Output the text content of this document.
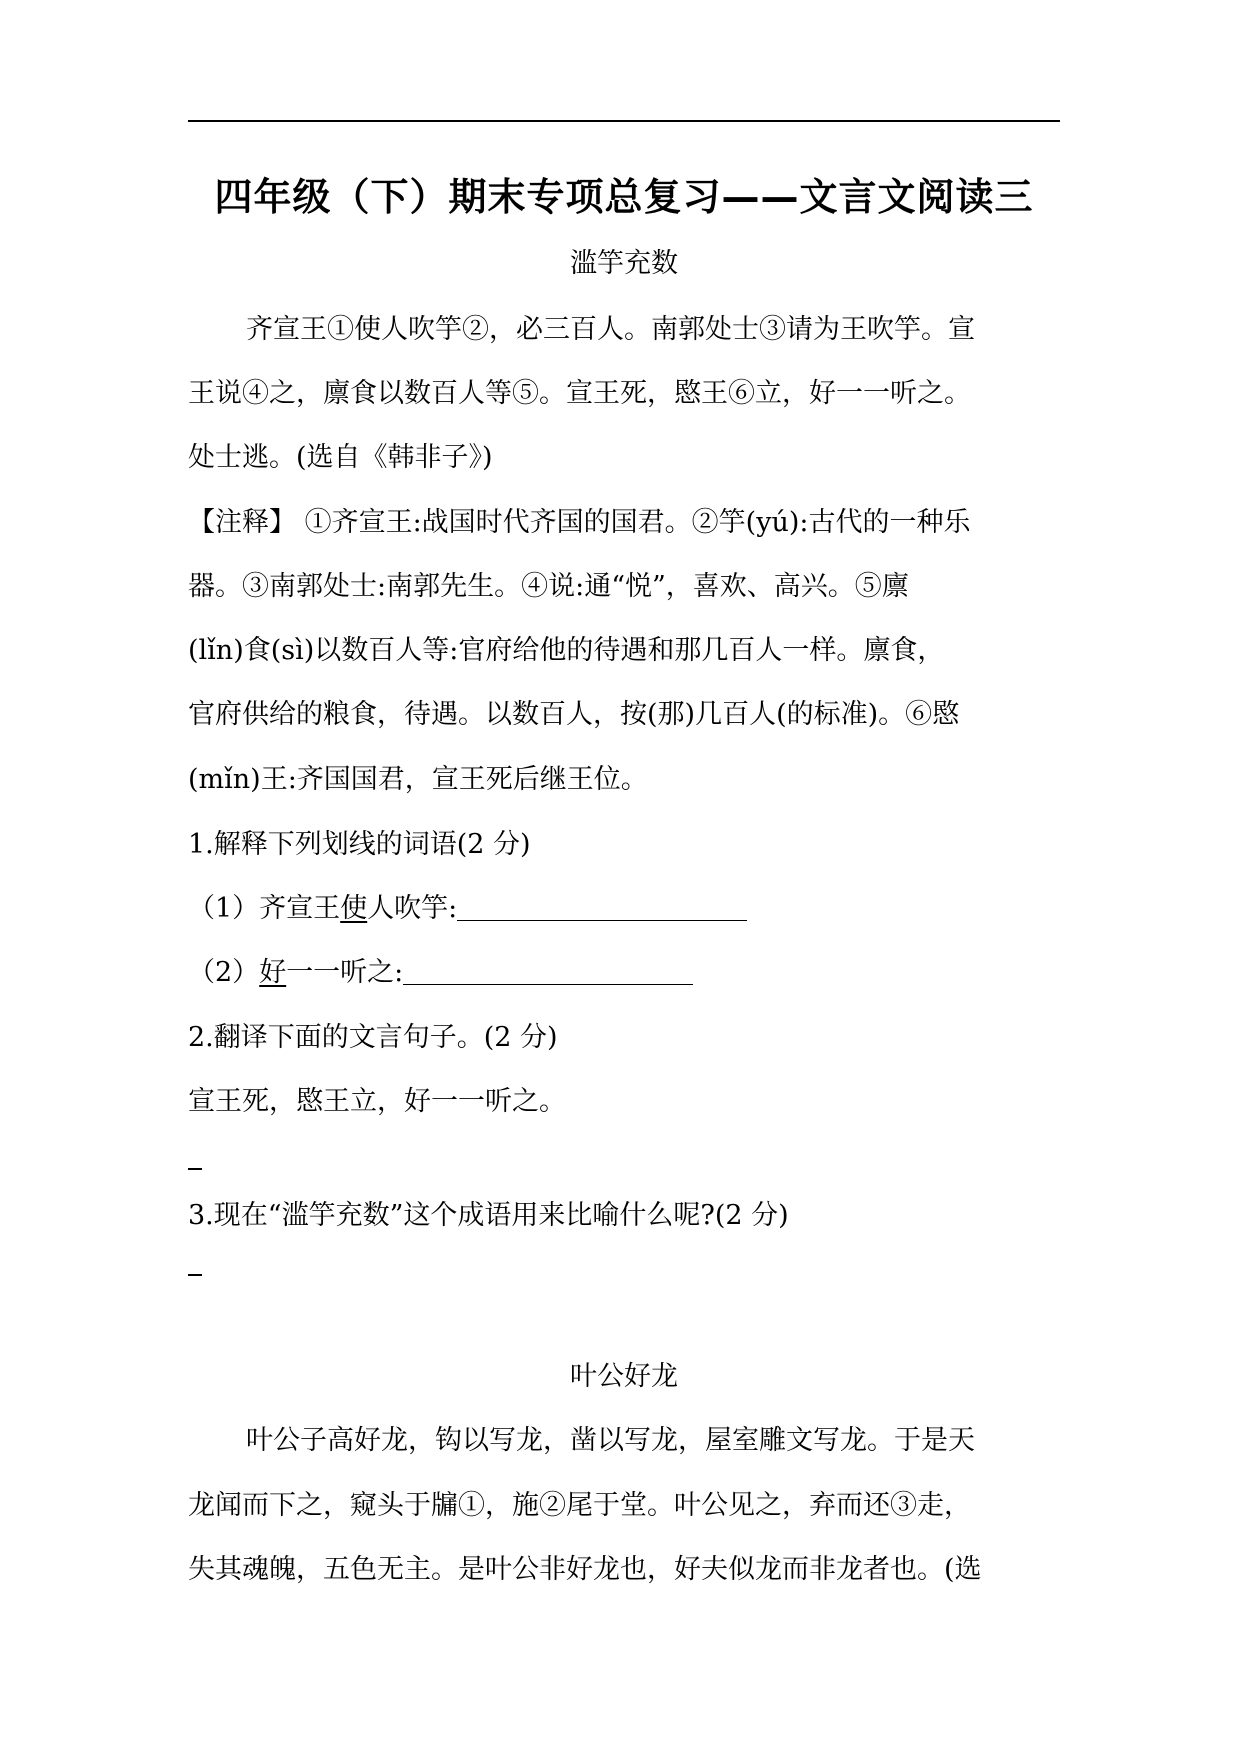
四年级（下）期末专项总复习——文言文阅读三
滥竽充数
齐宣王①使人吹竽②，必三百人。南郭处士③请为王吹竽。宣
王说④之，廪食以数百人等⑤。宣王死，愍王⑥立，好一一听之。
处士逃。(选自《韩非子》)
【注释】 ①齐宣王:战国时代齐国的国君。②竽(yú):古代的一种乐
器。③南郭处士:南郭先生。④说:通“悦”，喜欢、高兴。⑤廪
(lǐn)食(sì)以数百人等:官府给他的待遇和那几百人一样。廪食，
官府供给的粮食，待遇。以数百人，按(那)几百人(的标准)。⑥愍
(mǐn)王:齐国国君，宣王死后继王位。
1.解释下列划线的词语(2 分)
（1）齐宣王使人吹竽:
（2）好一一听之:
2.翻译下面的文言句子。(2 分)
宣王死，愍王立，好一一听之。
3.现在“滥竽充数”这个成语用来比喻什么呢?(2 分)
叶公好龙
叶公子高好龙，钩以写龙，凿以写龙，屋室雕文写龙。于是天
龙闻而下之，窥头于牖①，施②尾于堂。叶公见之，弃而还③走，
失其魂魄，五色无主。是叶公非好龙也，好夫似龙而非龙者也。(选
